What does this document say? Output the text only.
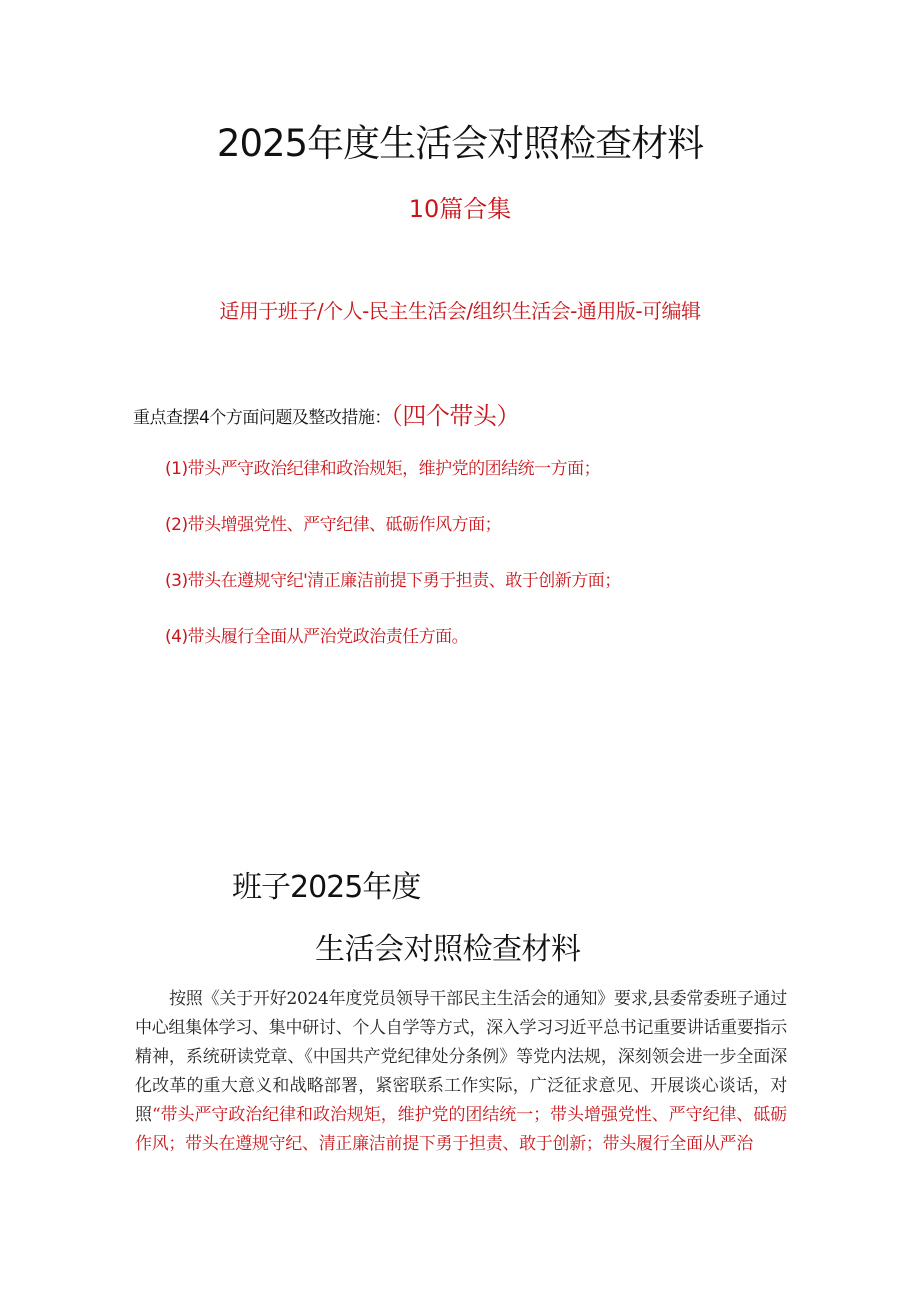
2025年度生活会对照检查材料
10篇合集

适用于班子/个人-民主生活会/组织生活会-通用版-可编辑

重点查摆4个方面问题及整改措施：（四个带头）

(1)带头严守政治纪律和政治规矩，维护党的团结统一方面；
(2)带头增强党性、严守纪律、砥砺作风方面；
(3)带头在遵规守纪'清正廉洁前提下勇于担责、敢于创新方面；
(4)带头履行全面从严治党政治责任方面。
班子2025年度
生活会对照检查材料

按照《关于开好2024年度党员领导干部民主生活会的通知》要求,县委常委班子通过中心组集体学习、集中研讨、个人自学等方式，深入学习习近平总书记重要讲话重要指示精神，系统研读党章、《中国共产党纪律处分条例》等党内法规，深刻领会进一步全面深化改革的重大意义和战略部署，紧密联系工作实际，广泛征求意见、开展谈心谈话，对照“带头严守政治纪律和政治规矩，维护党的团结统一；带头增强党性、严守纪律、砥砺作风；带头在遵规守纪、清正廉洁前提下勇于担责、敢于创新；带头履行全面从严治
